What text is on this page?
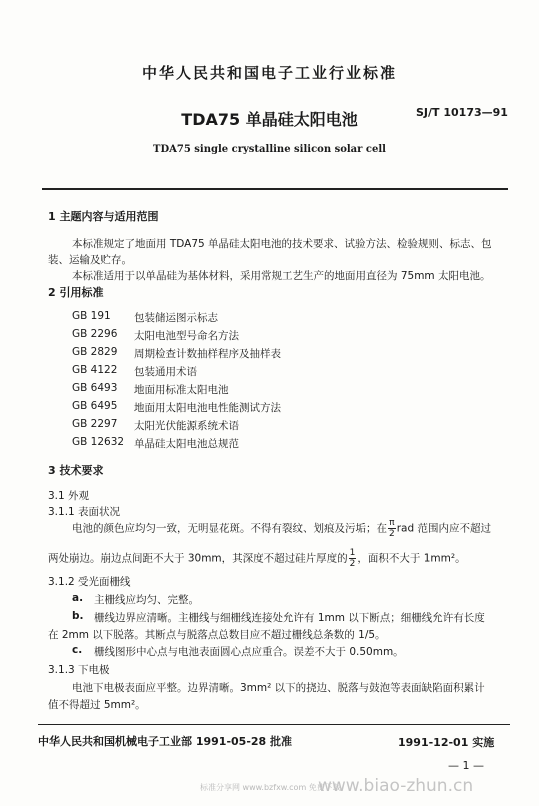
中华人民共和国电子工业行业标准
TDA75 单晶硅太阳电池	SJ/T 10173—91
TDA75 single crystalline silicon solar cell
1 主题内容与适用范围
本标准规定了地面用 TDA75 单晶硅太阳电池的技术要求、试验方法、检验规则、标志、包
装、运输及贮存。
本标准适用于以单晶硅为基体材料，采用常规工艺生产的地面用直径为 75mm 太阳电池。
2 引用标准
GB 191 包装储运图示标志
GB 2296 太阳电池型号命名方法
GB 2829 周期检查计数抽样程序及抽样表
GB 4122 包装通用术语
GB 6493 地面用标准太阳电池
GB 6495 地面用太阳电池电性能测试方法
GB 2297 太阳光伏能源系统术语
GB 12632 单晶硅太阳电池总规范
3 技术要求
3.1 外观
3.1.1 表面状况
电池的颜色应均匀一致，无明显花斑。不得有裂纹、划痕及污垢；在 $\frac{\pi}{2}$ rad 范围内应不超过
两处崩边。崩边点间距不大于 30mm，其深度不超过硅片厚度的 $\frac{1}{2}$ ，面积不大于 1mm²。
3.1.2 受光面栅线
a. 主栅线应均匀、完整。
b. 栅线边界应清晰。主栅线与细栅线连接处允许有 1mm 以下断点；细栅线允许有长度
在 2mm 以下脱落。其断点与脱落点总数目应不超过栅线总条数的 1/5。
c. 栅线图形中心点与电池表面圆心点应重合。误差不大于 0.50mm。
3.1.3 下电极
电池下电极表面应平整。边界清晰。3mm² 以下的挠边、脱落与鼓泡等表面缺陷面积累计
值不得超过 5mm²。
中华人民共和国机械电子工业部 1991-05-28 批准	1991-12-01 实施
— 1 —
标准分享网 www.bzfxw.com 免费下载
www.biao-zhun.cn
